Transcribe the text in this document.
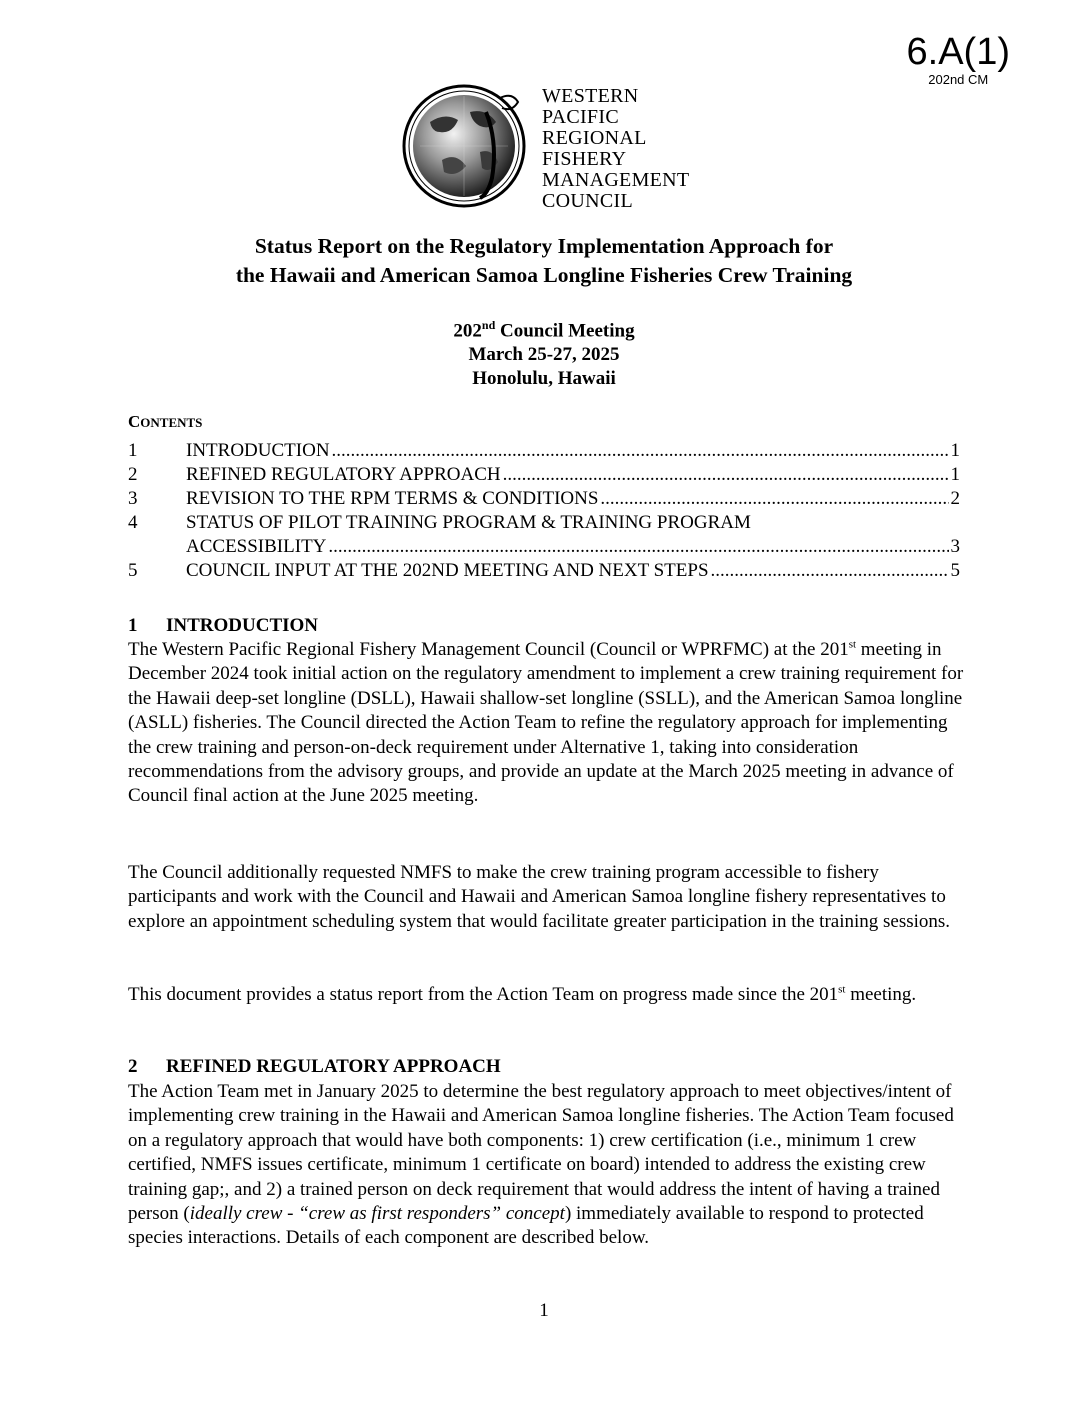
6.A(1)
202nd CM
WESTERN
PACIFIC
REGIONAL
FISHERY
MANAGEMENT
COUNCIL
Status Report on the Regulatory Implementation Approach for
the Hawaii and American Samoa Longline Fisheries Crew Training
202nd Council Meeting
March 25-27, 2025
Honolulu, Hawaii
CONTENTS
1	INTRODUCTION .....	1
2	REFINED REGULATORY APPROACH .....	1
3	REVISION TO THE RPM TERMS & CONDITIONS .....	2
4	STATUS OF PILOT TRAINING PROGRAM & TRAINING PROGRAM
ACCESSIBILITY .....	3
5	COUNCIL INPUT AT THE 202ND MEETING AND NEXT STEPS .....	5
1 INTRODUCTION

The Western Pacific Regional Fishery Management Council (Council or WPRFMC) at the 201st meeting in December 2024 took initial action on the regulatory amendment to implement a crew training requirement for the Hawaii deep-set longline (DSLL), Hawaii shallow-set longline (SSLL), and the American Samoa longline (ASLL) fisheries. The Council directed the Action Team to refine the regulatory approach for implementing the crew training and person-on-deck requirement under Alternative 1, taking into consideration recommendations from the advisory groups, and provide an update at the March 2025 meeting in advance of Council final action at the June 2025 meeting.

The Council additionally requested NMFS to make the crew training program accessible to fishery participants and work with the Council and Hawaii and American Samoa longline fishery representatives to explore an appointment scheduling system that would facilitate greater participation in the training sessions.

This document provides a status report from the Action Team on progress made since the 201st meeting.

2 REFINED REGULATORY APPROACH

The Action Team met in January 2025 to determine the best regulatory approach to meet objectives/intent of implementing crew training in the Hawaii and American Samoa longline fisheries. The Action Team focused on a regulatory approach that would have both components: 1) crew certification (i.e., minimum 1 crew certified, NMFS issues certificate, minimum 1 certificate on board) intended to address the existing crew training gap;, and 2) a trained person on deck requirement that would address the intent of having a trained person (ideally crew - “crew as first responders” concept) immediately available to respond to protected species interactions. Details of each component are described below.

1
